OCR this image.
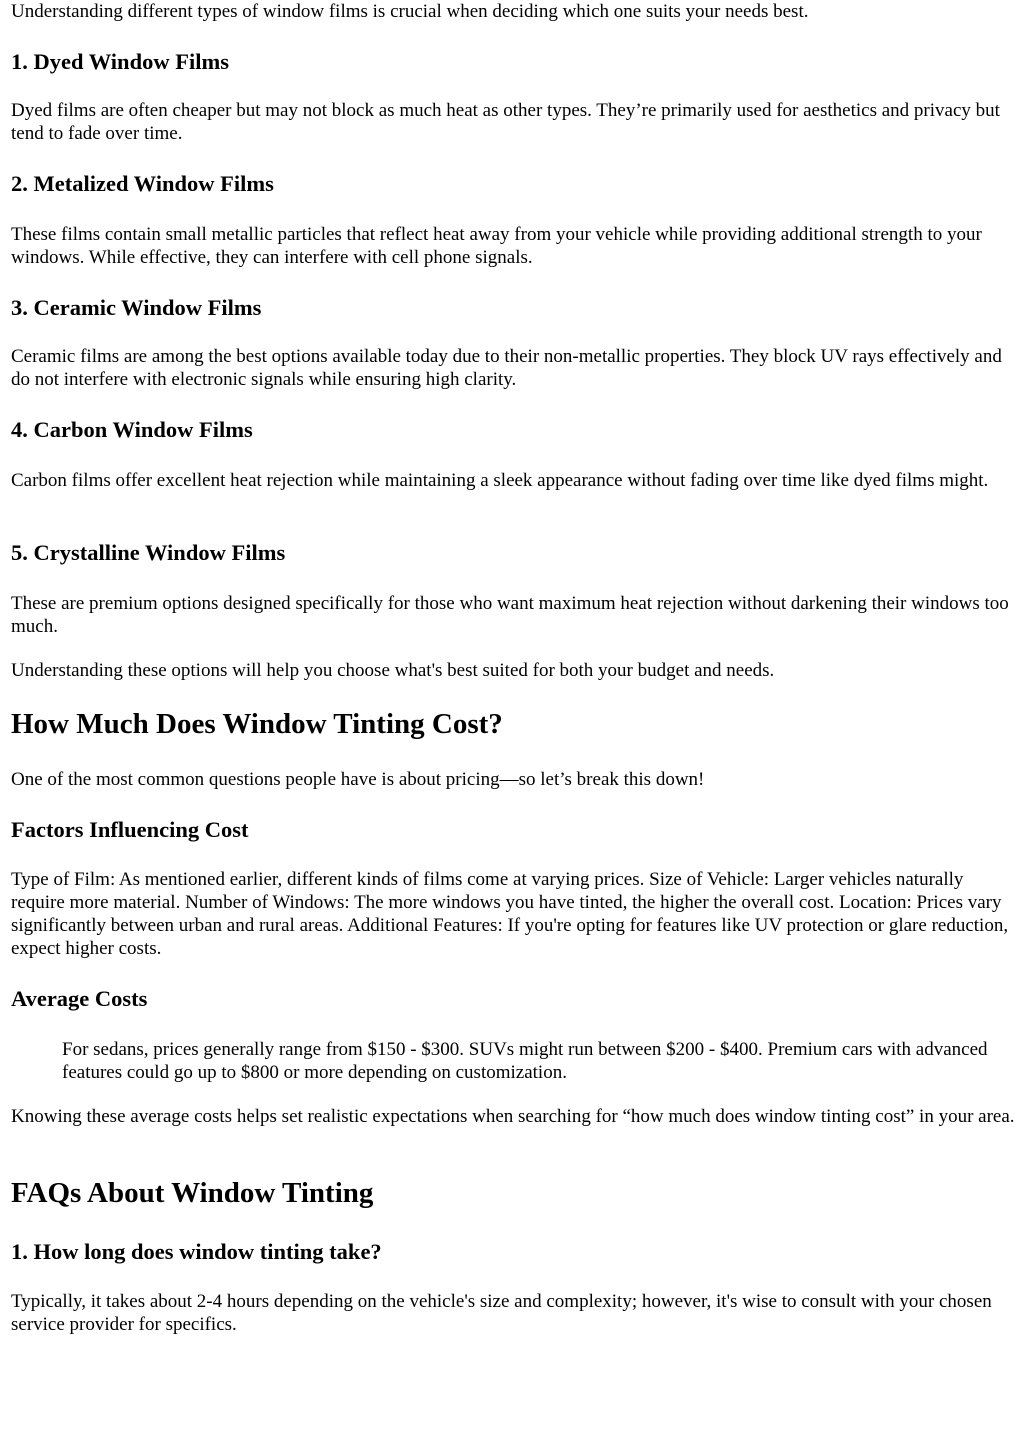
Understanding different types of window films is crucial when deciding which one suits your needs best.

1. Dyed Window Films

Dyed films are often cheaper but may not block as much heat as other types. They’re primarily used for aesthetics and privacy but tend to fade over time.

2. Metalized Window Films

These films contain small metallic particles that reflect heat away from your vehicle while providing additional strength to your windows. While effective, they can interfere with cell phone signals.

3. Ceramic Window Films

Ceramic films are among the best options available today due to their non-metallic properties. They block UV rays effectively and do not interfere with electronic signals while ensuring high clarity.

4. Carbon Window Films

Carbon films offer excellent heat rejection while maintaining a sleek appearance without fading over time like dyed films might.

5. Crystalline Window Films

These are premium options designed specifically for those who want maximum heat rejection without darkening their windows too much.

Understanding these options will help you choose what's best suited for both your budget and needs.

How Much Does Window Tinting Cost?

One of the most common questions people have is about pricing—so let’s break this down!

Factors Influencing Cost

Type of Film: As mentioned earlier, different kinds of films come at varying prices. Size of Vehicle: Larger vehicles naturally require more material. Number of Windows: The more windows you have tinted, the higher the overall cost. Location: Prices vary significantly between urban and rural areas. Additional Features: If you're opting for features like UV protection or glare reduction, expect higher costs.

Average Costs
For sedans, prices generally range from $150 - $300. SUVs might run between $200 - $400. Premium cars with advanced features could go up to $800 or more depending on customization.

Knowing these average costs helps set realistic expectations when searching for “how much does window tinting cost” in your area.

FAQs About Window Tinting
1. How long does window tinting take?

Typically, it takes about 2-4 hours depending on the vehicle's size and complexity; however, it's wise to consult with your chosen service provider for specifics.
